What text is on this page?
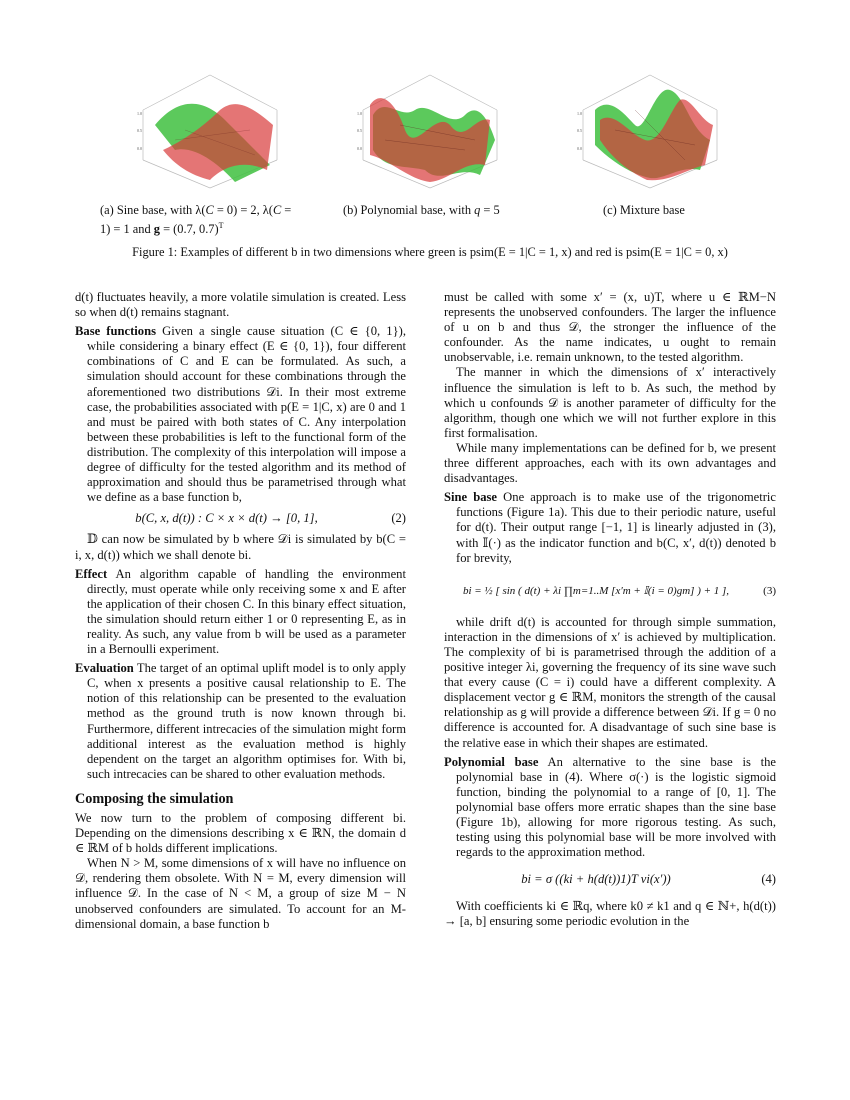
1.0
0.5
0.0
1.0
0.5
0.0
1.0
0.5
0.0
(a) Sine base, with λ(C = 0) = 2, λ(C =
1) = 1 and g = (0.7, 0.7)$^T$
(b) Polynomial base, with q = 5	(c) Mixture base
Figure 1: Examples of different b in two dimensions where green is psim(E = 1|C = 1, x) and red is psim(E = 1|C = 0, x)

d(t) fluctuates heavily, a more volatile simulation is created. Less so when d(t) remains stagnant.

Base functions Given a single cause situation (C ∈ {0, 1}), while considering a binary effect (E ∈ {0, 1}), four different combinations of C and E can be formulated. As such, a simulation should account for these combinations through the aforementioned two distributions 𝒟i. In their most extreme case, the probabilities associated with p(E = 1|C, x) are 0 and 1 and must be paired with both states of C. Any interpolation between these probabilities is left to the functional form of the distribution. The complexity of this interpolation will impose a degree of difficulty for the tested algorithm and its method of approximation and should thus be parametrised through what we define as a base function b,

b(C, x, d(t)) : C × x × d(t) → [0, 1],	(2)

𝔻 can now be simulated by b where 𝒟i is simulated by b(C = i, x, d(t)) which we shall denote bi.

Effect An algorithm capable of handling the environment directly, must operate while only receiving some x and E after the application of their chosen C. In this binary effect situation, the simulation should return either 1 or 0 representing E, as in reality. As such, any value from b will be used as a parameter in a Bernoulli experiment.

Evaluation The target of an optimal uplift model is to only apply C, when x presents a positive causal relationship to E. The notion of this relationship can be presented to the evaluation method as the ground truth is now known through bi. Furthermore, different intrecacies of the simulation might form additional interest as the evaluation method is highly dependent on the target an algorithm optimises for. With bi, such intrecacies can be shared to other evaluation methods.

Composing the simulation

We now turn to the problem of composing different bi. Depending on the dimensions describing x ∈ ℝN, the domain d ∈ ℝM of b holds different implications.

When N > M, some dimensions of x will have no influence on 𝒟, rendering them obsolete. With N = M, every dimension will influence 𝒟. In the case of N < M, a group of size M − N unobserved confounders are simulated. To account for an M-dimensional domain, a base function b

must be called with some x′ = (x, u)T, where u ∈ ℝM−N represents the unobserved confounders. The larger the influence of u on b and thus 𝒟, the stronger the influence of the confounder. As the name indicates, u ought to remain unobservable, i.e. remain unknown, to the tested algorithm.

The manner in which the dimensions of x′ interactively influence the simulation is left to b. As such, the method by which u confounds 𝒟 is another parameter of difficulty for the algorithm, though one which we will not further explore in this first formalisation.

While many implementations can be defined for b, we present three different approaches, each with its own advantages and disadvantages.

Sine base One approach is to make use of the trigonometric functions (Figure 1a). This due to their periodic nature, useful for d(t). Their output range [−1, 1] is linearly adjusted in (3), with 𝕀(·) as the indicator function and b(C, x′, d(t)) denoted b for brevity,

bi = ½ [ sin ( d(t) + λi ∏m=1..M [x′m + 𝕀(i = 0)gm] ) + 1 ],	(3)

while drift d(t) is accounted for through simple summation, interaction in the dimensions of x′ is achieved by multiplication. The complexity of bi is parametrised through the addition of a positive integer λi, governing the frequency of its sine wave such that every cause (C = i) could have a different complexity. A displacement vector g ∈ ℝM, monitors the strength of the causal relationship as g will provide a difference between 𝒟i. If g = 0 no difference is accounted for. A disadvantage of such sine base is the relative ease in which their shapes are estimated.

Polynomial base An alternative to the sine base is the polynomial base in (4). Where σ(·) is the logistic sigmoid function, binding the polynomial to a range of [0, 1]. The polynomial base offers more erratic shapes than the sine base (Figure 1b), allowing for more rigorous testing. As such, testing using this polynomial base will be more involved with regards to the approximation method.

bi = σ ((ki + h(d(t))1)T vi(x′))	(4)

With coefficients ki ∈ ℝq, where k0 ≠ k1 and q ∈ ℕ+, h(d(t)) → [a, b] ensuring some periodic evolution in the
